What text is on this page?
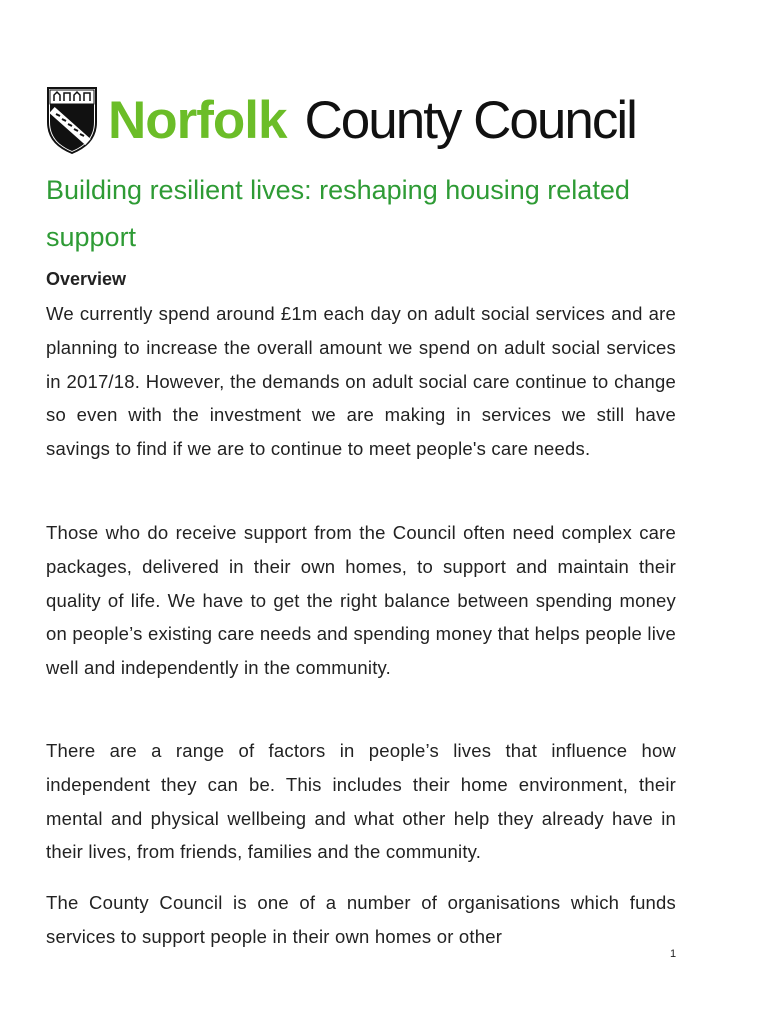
Norfolk County Council
Building resilient lives: reshaping housing related support
Overview

We currently spend around £1m each day on adult social services and are planning to increase the overall amount we spend on adult social services in 2017/18. However, the demands on adult social care continue to change so even with the investment we are making in services we still have savings to find if we are to continue to meet people's care needs.

Those who do receive support from the Council often need complex care packages, delivered in their own homes, to support and maintain their quality of life. We have to get the right balance between spending money on people’s existing care needs and spending money that helps people live well and independently in the community.

There are a range of factors in people’s lives that influence how independent they can be. This includes their home environment, their mental and physical wellbeing and what other help they already have in their lives, from friends, families and the community.

The County Council is one of a number of organisations which funds services to support people in their own homes or other

1
